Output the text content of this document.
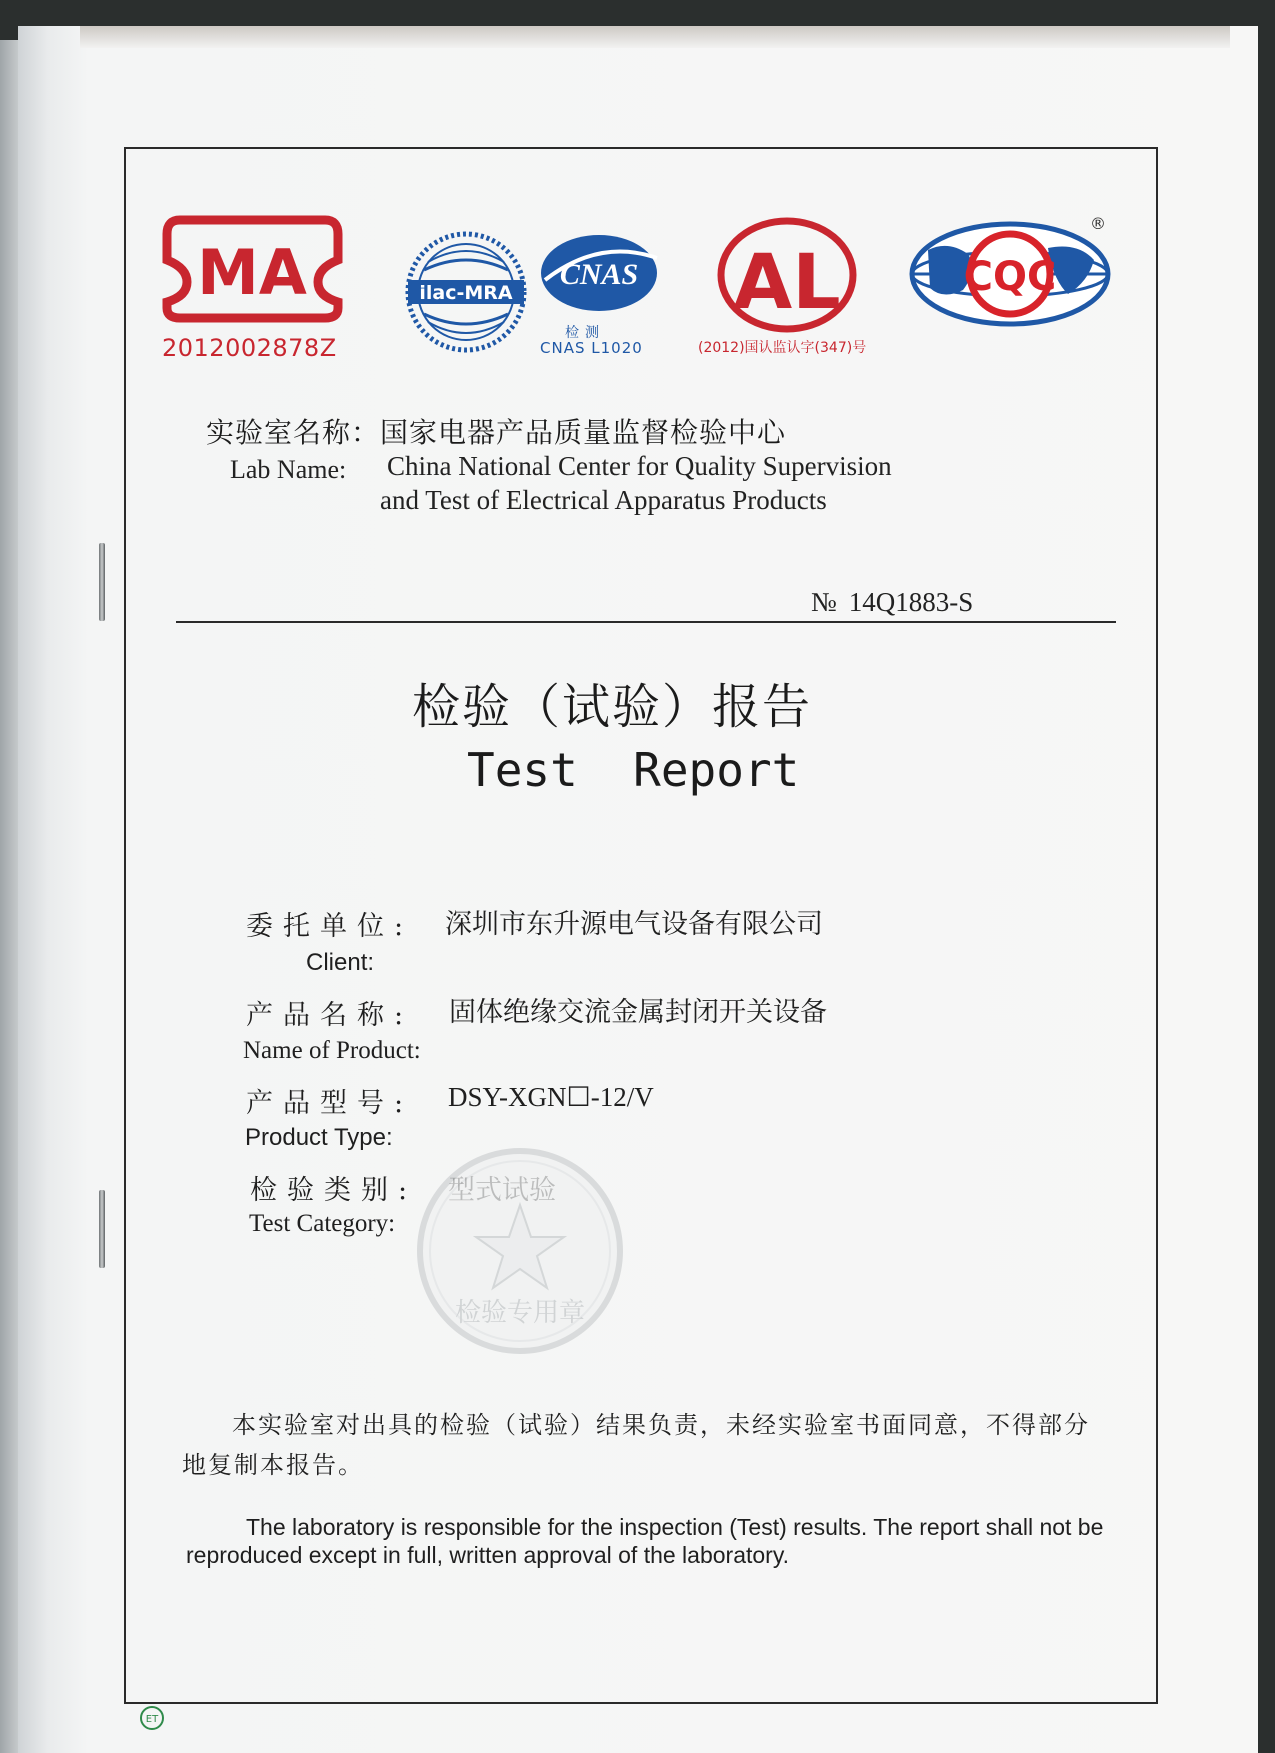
MA
2012002878Z
ilac-MRA
CNAS
检测
CNAS L1020
AL
(2012)国认监认字(347)号
CQC
®
实验室名称：国家电器产品质量监督检验中心
Lab Name: China National Center for Quality Supervision
and Test of Electrical Apparatus Products
№ 14Q1883-S
检验（试验）报告
Test  Report
委托单位: 深圳市东升源电气设备有限公司
Client:
产品名称: 固体绝缘交流金属封闭开关设备
Name of Product:
产品型号: DSY-XGN☐-12/V
Product Type:
检验类别:
Test Category:
检验专用章
本实验室对出具的检验（试验）结果负责，未经实验室书面同意，不得部分地复制本报告。
The laboratory is responsible for the inspection (Test) results. The report shall not be reproduced except in full, written approval of the laboratory.
ET
